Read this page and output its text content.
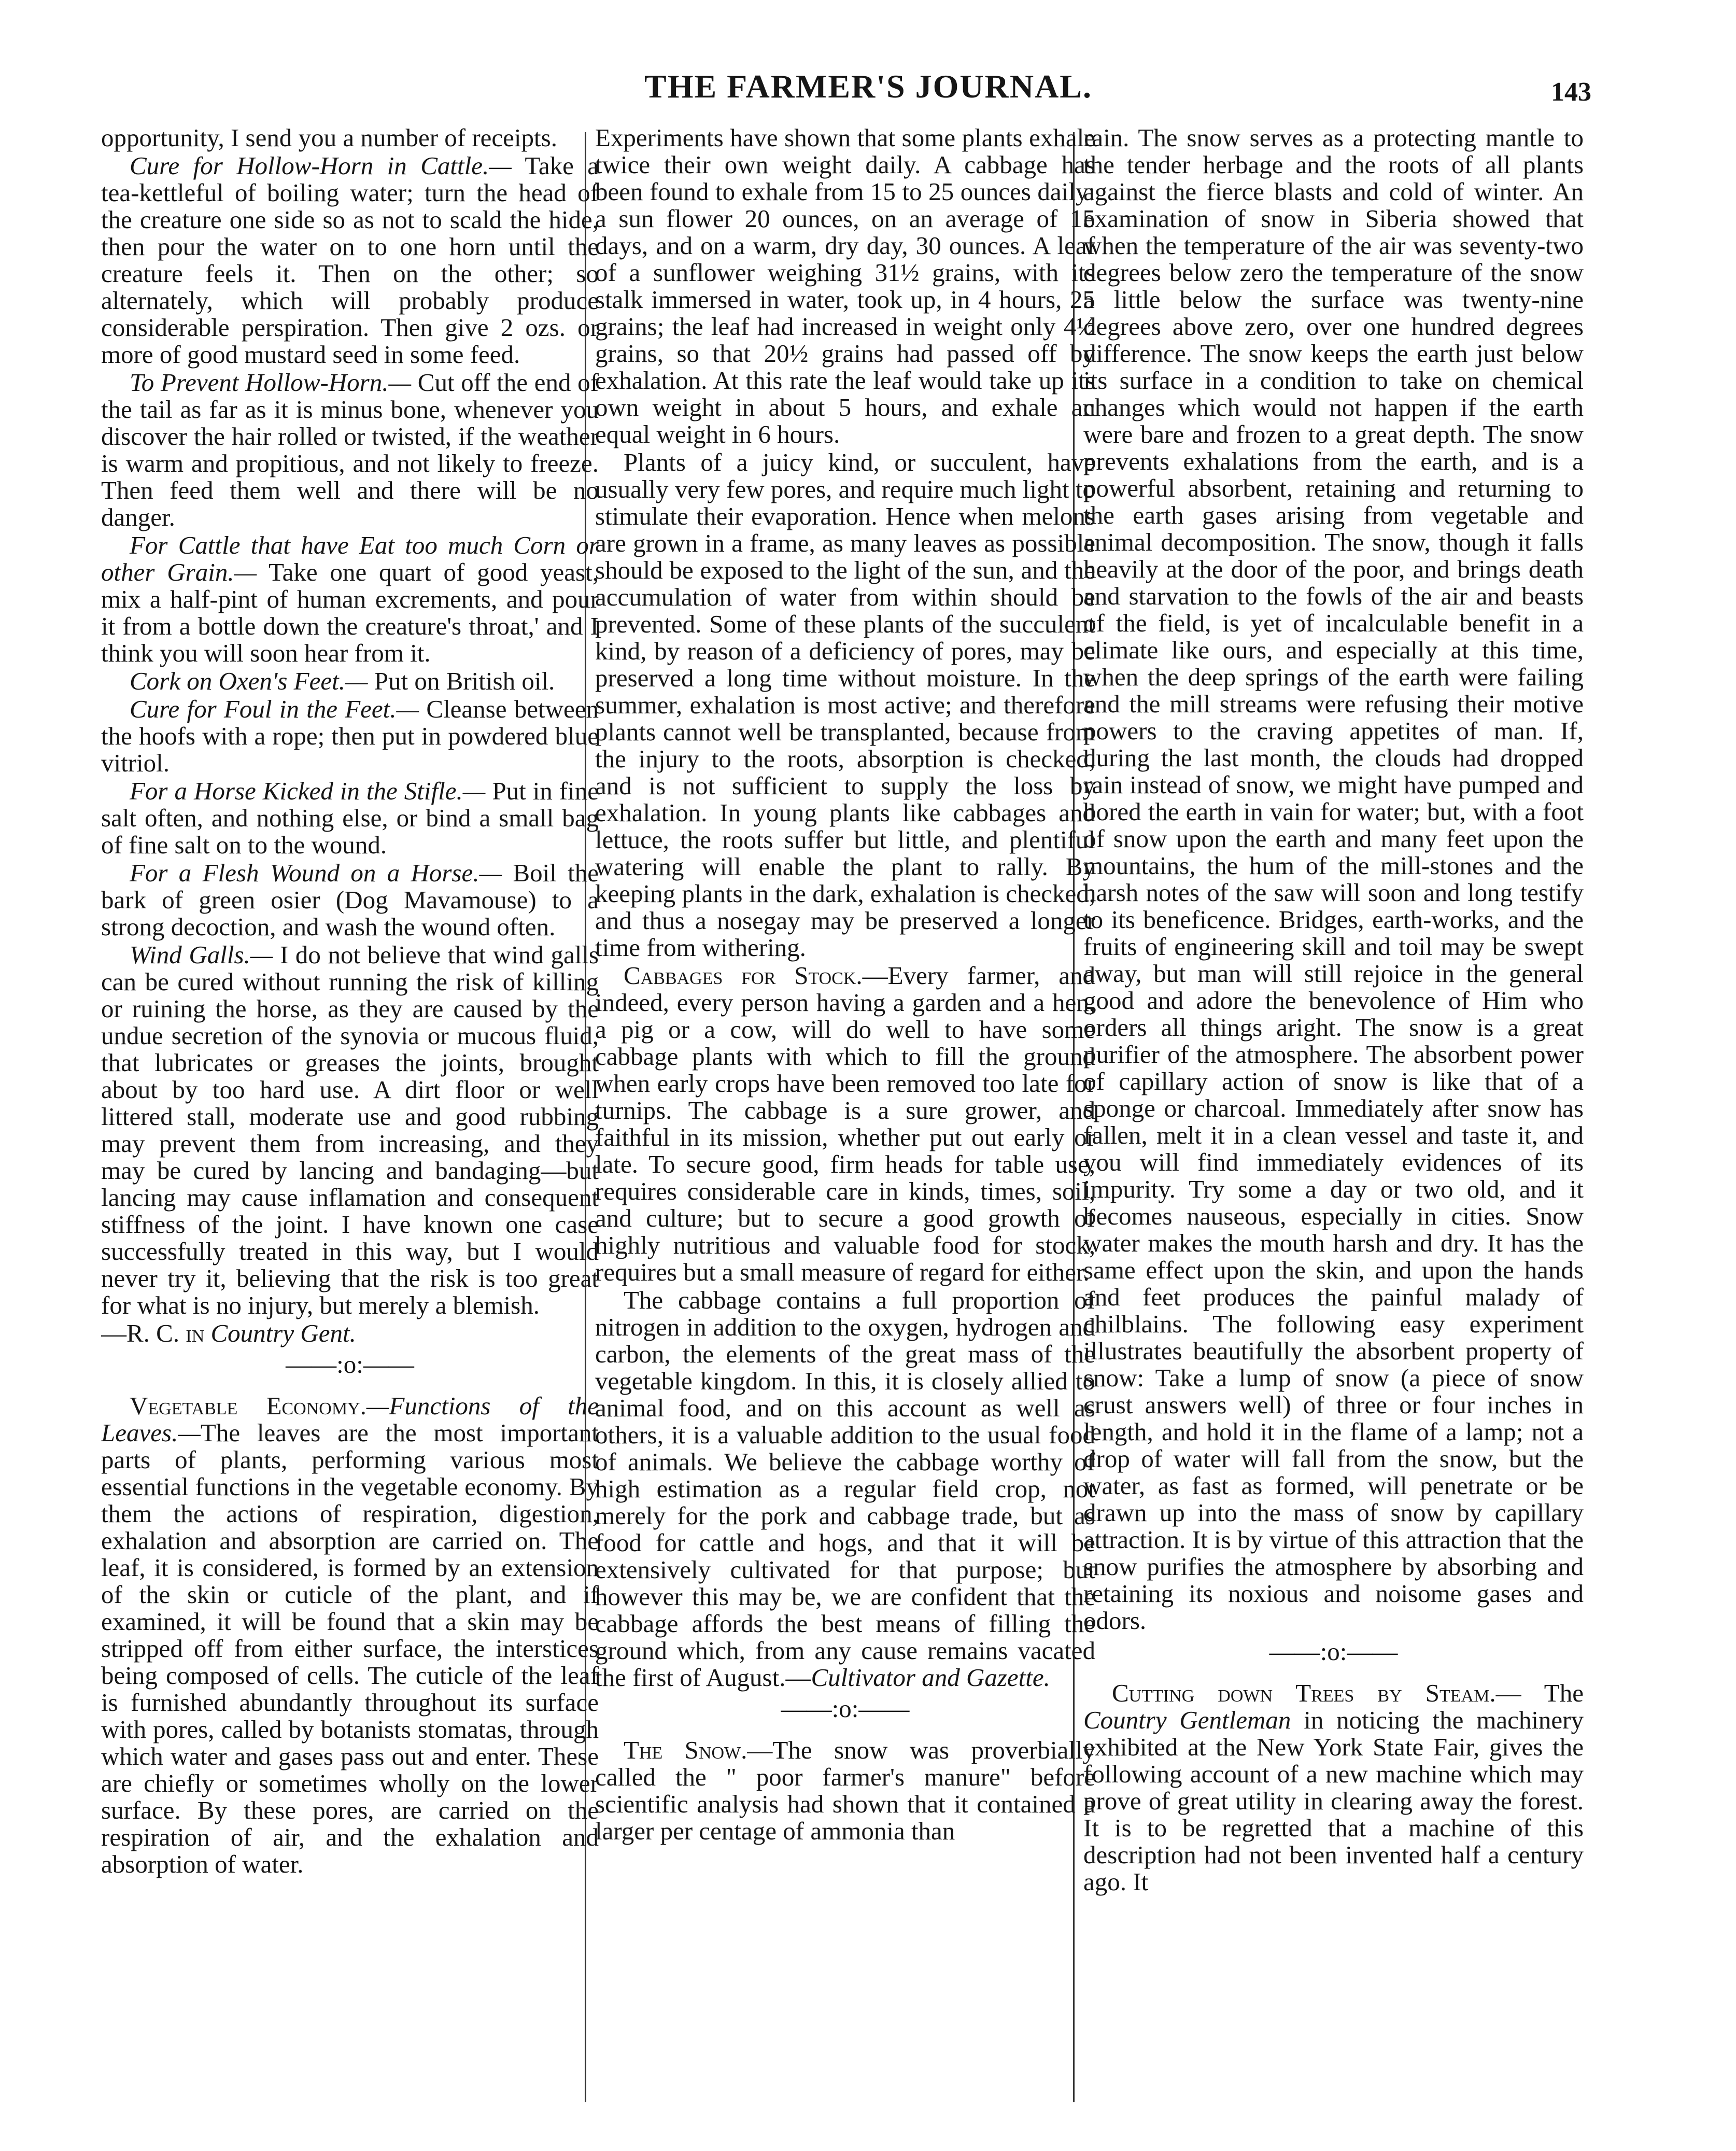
THE FARMER'S JOURNAL.	143

opportunity, I send you a number of receipts.

Cure for Hollow-Horn in Cattle.— Take a tea-kettleful of boiling water; turn the head of the creature one side so as not to scald the hide, then pour the water on to one horn until the creature feels it. Then on the other; so alternately, which will probably produce considerable perspiration. Then give 2 ozs. or more of good mustard seed in some feed.

To Prevent Hollow-Horn.— Cut off the end of the tail as far as it is minus bone, whenever you discover the hair rolled or twisted, if the weather is warm and propitious, and not likely to freeze. Then feed them well and there will be no danger.

For Cattle that have Eat too much Corn or other Grain.— Take one quart of good yeast, mix a half-pint of human excrements, and pour it from a bottle down the creature's throat,' and I think you will soon hear from it.

Cork on Oxen's Feet.— Put on British oil.

Cure for Foul in the Feet.— Cleanse between the hoofs with a rope; then put in powdered blue vitriol.

For a Horse Kicked in the Stifle.— Put in fine salt often, and nothing else, or bind a small bag of fine salt on to the wound.

For a Flesh Wound on a Horse.— Boil the bark of green osier (Dog Mavamouse) to a strong decoction, and wash the wound often.

Wind Galls.— I do not believe that wind galls can be cured without running the risk of killing or ruining the horse, as they are caused by the undue secretion of the synovia or mucous fluid, that lubricates or greases the joints, brought about by too hard use. A dirt floor or well littered stall, moderate use and good rubbing may prevent them from increasing, and they may be cured by lancing and bandaging—but lancing may cause inflamation and consequent stiffness of the joint. I have known one case successfully treated in this way, but I would never try it, believing that the risk is too great for what is no injury, but merely a blemish.

—R. C. in Country Gent.

——:o:——

Vegetable Economy.—Functions of the Leaves.—The leaves are the most important parts of plants, performing various most essential functions in the vegetable economy. By them the actions of respiration, digestion, exhalation and absorption are carried on. The leaf, it is considered, is formed by an extension of the skin or cuticle of the plant, and if examined, it will be found that a skin may be stripped off from either surface, the interstices being composed of cells. The cuticle of the leaf is furnished abundantly throughout its surface with pores, called by botanists stomatas, through which water and gases pass out and enter. These are chiefly or sometimes wholly on the lower surface. By these pores, are carried on the respiration of air, and the exhalation and absorption of water.

Experiments have shown that some plants exhale twice their own weight daily. A cabbage has been found to exhale from 15 to 25 ounces daily: a sun flower 20 ounces, on an average of 15 days, and on a warm, dry day, 30 ounces. A leaf of a sunflower weighing 31½ grains, with its stalk immersed in water, took up, in 4 hours, 25 grains; the leaf had increased in weight only 4½ grains, so that 20½ grains had passed off by exhalation. At this rate the leaf would take up its own weight in about 5 hours, and exhale an equal weight in 6 hours.

Plants of a juicy kind, or succulent, have usually very few pores, and require much light to stimulate their evaporation. Hence when melons are grown in a frame, as many leaves as possible should be exposed to the light of the sun, and the accumulation of water from within should be prevented. Some of these plants of the succulent kind, by reason of a deficiency of pores, may be preserved a long time without moisture. In the summer, exhalation is most active; and therefore plants cannot well be transplanted, because from the injury to the roots, absorption is checked, and is not sufficient to supply the loss by exhalation. In young plants like cabbages and lettuce, the roots suffer but little, and plentiful watering will enable the plant to rally. By keeping plants in the dark, exhalation is checked, and thus a nosegay may be preserved a longer time from withering.

Cabbages for Stock.—Every farmer, and indeed, every person having a garden and a hen, a pig or a cow, will do well to have some cabbage plants with which to fill the ground when early crops have been removed too late for turnips. The cabbage is a sure grower, and faithful in its mission, whether put out early or late. To secure good, firm heads for table use, requires considerable care in kinds, times, soil, and culture; but to secure a good growth of highly nutritious and valuable food for stock, requires but a small measure of regard for either.

The cabbage contains a full proportion of nitrogen in addition to the oxygen, hydrogen and carbon, the elements of the great mass of the vegetable kingdom. In this, it is closely allied to animal food, and on this account as well as others, it is a valuable addition to the usual food of animals. We believe the cabbage worthy of high estimation as a regular field crop, not merely for the pork and cabbage trade, but as food for cattle and hogs, and that it will be extensively cultivated for that purpose; but however this may be, we are confident that the cabbage affords the best means of filling the ground which, from any cause remains vacated the first of August.—Cultivator and Gazette.

——:o:——

The Snow.—The snow was proverbially called the " poor farmer's manure" before scientific analysis had shown that it contained a larger per centage of ammonia than

rain. The snow serves as a protecting mantle to the tender herbage and the roots of all plants against the fierce blasts and cold of winter. An examination of snow in Siberia showed that when the temperature of the air was seventy-two degrees below zero the temperature of the snow a little below the surface was twenty-nine degrees above zero, over one hundred degrees difference. The snow keeps the earth just below its surface in a condition to take on chemical changes which would not happen if the earth were bare and frozen to a great depth. The snow prevents exhalations from the earth, and is a powerful absorbent, retaining and returning to the earth gases arising from vegetable and animal decomposition. The snow, though it falls heavily at the door of the poor, and brings death and starvation to the fowls of the air and beasts of the field, is yet of incalculable benefit in a climate like ours, and especially at this time, when the deep springs of the earth were failing and the mill streams were refusing their motive powers to the craving appetites of man. If, during the last month, the clouds had dropped rain instead of snow, we might have pumped and bored the earth in vain for water; but, with a foot of snow upon the earth and many feet upon the mountains, the hum of the mill-stones and the harsh notes of the saw will soon and long testify to its beneficence. Bridges, earth-works, and the fruits of engineering skill and toil may be swept away, but man will still rejoice in the general good and adore the benevolence of Him who orders all things aright. The snow is a great purifier of the atmosphere. The absorbent power of capillary action of snow is like that of a sponge or charcoal. Immediately after snow has fallen, melt it in a clean vessel and taste it, and you will find immediately evidences of its impurity. Try some a day or two old, and it becomes nauseous, especially in cities. Snow water makes the mouth harsh and dry. It has the same effect upon the skin, and upon the hands and feet produces the painful malady of chilblains. The following easy experiment illustrates beautifully the absorbent property of snow: Take a lump of snow (a piece of snow crust answers well) of three or four inches in length, and hold it in the flame of a lamp; not a drop of water will fall from the snow, but the water, as fast as formed, will penetrate or be drawn up into the mass of snow by capillary attraction. It is by virtue of this attraction that the snow purifies the atmosphere by absorbing and retaining its noxious and noisome gases and odors.

——:o:——

Cutting down Trees by Steam.— The Country Gentleman in noticing the machinery exhibited at the New York State Fair, gives the following account of a new machine which may prove of great utility in clearing away the forest. It is to be regretted that a machine of this description had not been invented half a century ago. It
